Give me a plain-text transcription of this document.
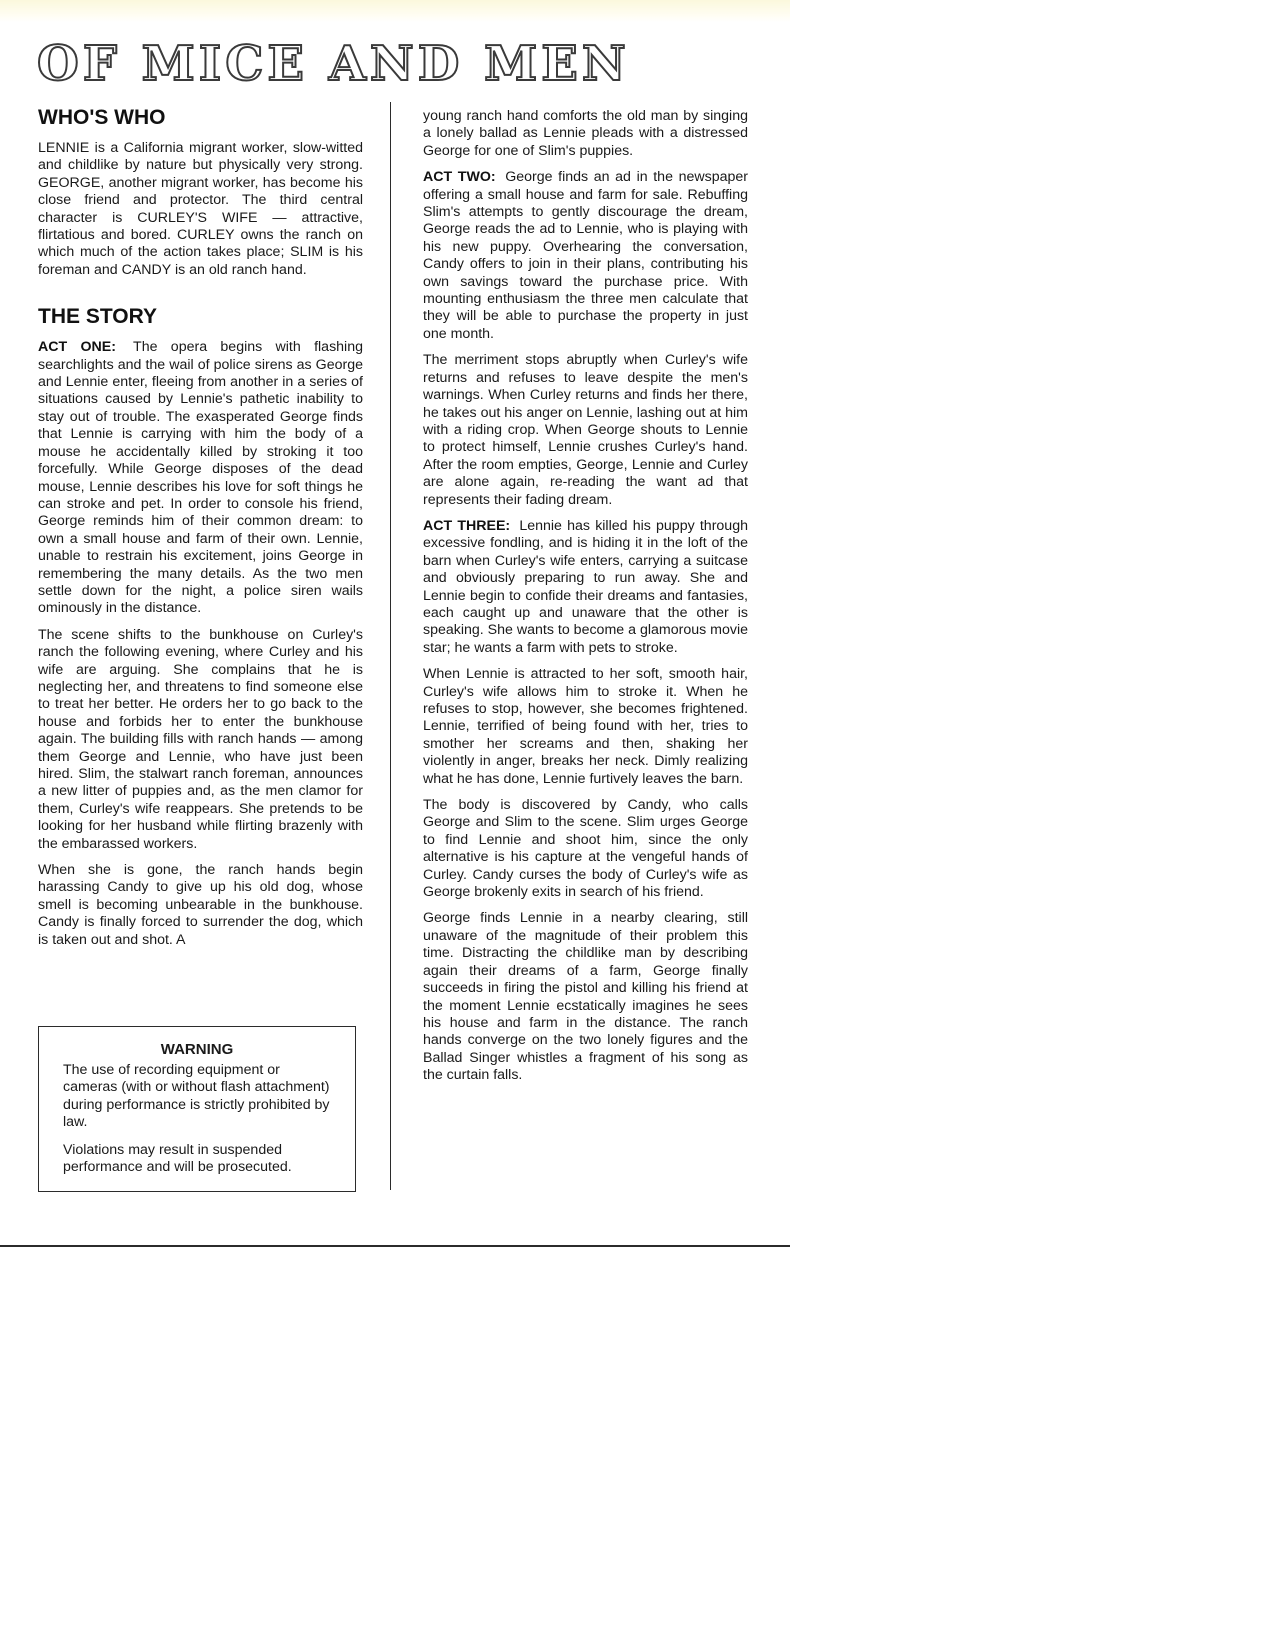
OF MICE AND MEN
WHO'S WHO

LENNIE is a California migrant worker, slow-witted and childlike by nature but physically very strong. GEORGE, another migrant worker, has become his close friend and protector. The third central character is CURLEY'S WIFE — attractive, flirtatious and bored. CURLEY owns the ranch on which much of the action takes place; SLIM is his foreman and CANDY is an old ranch hand.

THE STORY

ACT ONE: The opera begins with flashing searchlights and the wail of police sirens as George and Lennie enter, fleeing from another in a series of situations caused by Lennie's pathetic inability to stay out of trouble. The exasperated George finds that Lennie is carrying with him the body of a mouse he accidentally killed by stroking it too forcefully. While George disposes of the dead mouse, Lennie describes his love for soft things he can stroke and pet. In order to console his friend, George reminds him of their common dream: to own a small house and farm of their own. Lennie, unable to restrain his excitement, joins George in remembering the many details. As the two men settle down for the night, a police siren wails ominously in the distance.

The scene shifts to the bunkhouse on Curley's ranch the following evening, where Curley and his wife are arguing. She complains that he is neglecting her, and threatens to find someone else to treat her better. He orders her to go back to the house and forbids her to enter the bunkhouse again. The building fills with ranch hands — among them George and Lennie, who have just been hired. Slim, the stalwart ranch foreman, announces a new litter of puppies and, as the men clamor for them, Curley's wife reappears. She pretends to be looking for her husband while flirting brazenly with the embarassed workers.

When she is gone, the ranch hands begin harassing Candy to give up his old dog, whose smell is becoming unbearable in the bunkhouse. Candy is finally forced to surrender the dog, which is taken out and shot. A

WARNING

The use of recording equipment or cameras (with or without flash attachment) during performance is strictly prohibited by law.

Violations may result in suspended performance and will be prosecuted.

young ranch hand comforts the old man by singing a lonely ballad as Lennie pleads with a distressed George for one of Slim's puppies.

ACT TWO: George finds an ad in the newspaper offering a small house and farm for sale. Rebuffing Slim's attempts to gently discourage the dream, George reads the ad to Lennie, who is playing with his new puppy. Overhearing the conversation, Candy offers to join in their plans, contributing his own savings toward the purchase price. With mounting enthusiasm the three men calculate that they will be able to purchase the property in just one month.

The merriment stops abruptly when Curley's wife returns and refuses to leave despite the men's warnings. When Curley returns and finds her there, he takes out his anger on Lennie, lashing out at him with a riding crop. When George shouts to Lennie to protect himself, Lennie crushes Curley's hand. After the room empties, George, Lennie and Curley are alone again, re-reading the want ad that represents their fading dream.

ACT THREE: Lennie has killed his puppy through excessive fondling, and is hiding it in the loft of the barn when Curley's wife enters, carrying a suitcase and obviously preparing to run away. She and Lennie begin to confide their dreams and fantasies, each caught up and unaware that the other is speaking. She wants to become a glamorous movie star; he wants a farm with pets to stroke.

When Lennie is attracted to her soft, smooth hair, Curley's wife allows him to stroke it. When he refuses to stop, however, she becomes frightened. Lennie, terrified of being found with her, tries to smother her screams and then, shaking her violently in anger, breaks her neck. Dimly realizing what he has done, Lennie furtively leaves the barn.

The body is discovered by Candy, who calls George and Slim to the scene. Slim urges George to find Lennie and shoot him, since the only alternative is his capture at the vengeful hands of Curley. Candy curses the body of Curley's wife as George brokenly exits in search of his friend.

George finds Lennie in a nearby clearing, still unaware of the magnitude of their problem this time. Distracting the childlike man by describing again their dreams of a farm, George finally succeeds in firing the pistol and killing his friend at the moment Lennie ecstatically imagines he sees his house and farm in the distance. The ranch hands converge on the two lonely figures and the Ballad Singer whistles a fragment of his song as the curtain falls.
